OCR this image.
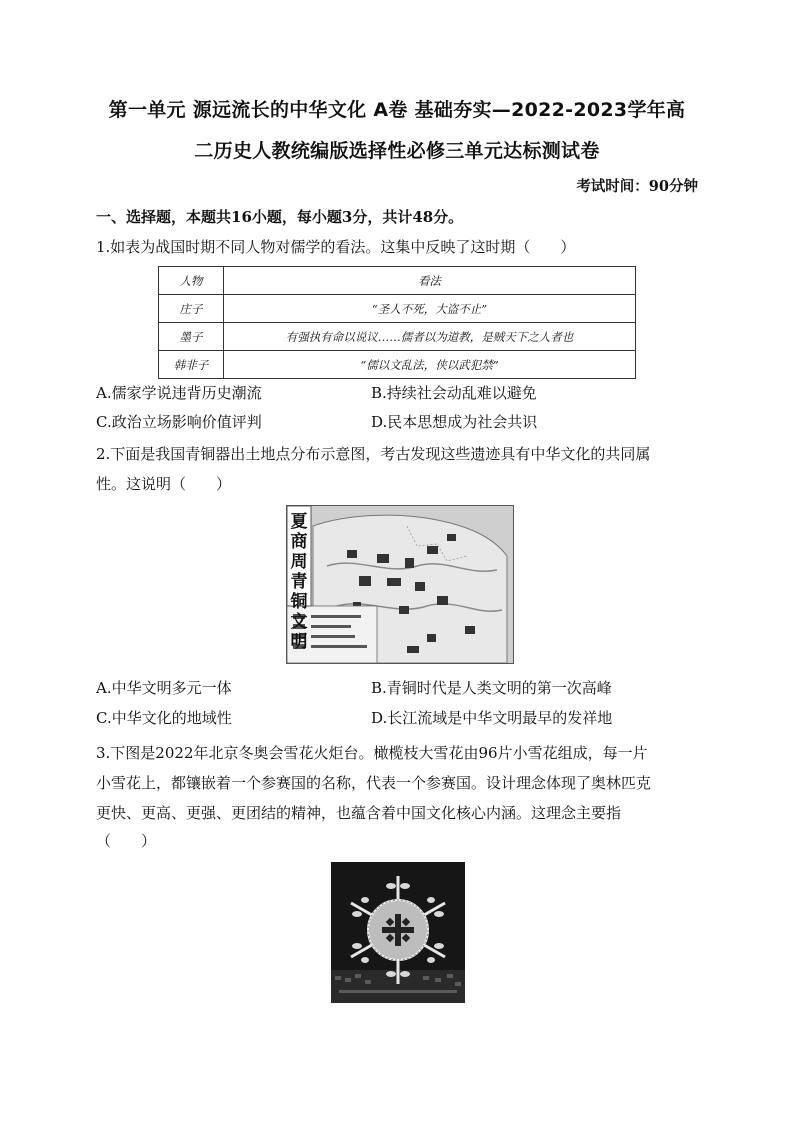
第一单元 源远流长的中华文化 A卷 基础夯实—2022-2023学年高
二历史人教统编版选择性必修三单元达标测试卷
考试时间：90分钟
一、选择题，本题共16小题，每小题3分，共计48分。
1.如表为战国时期不同人物对儒学的看法。这集中反映了这时期（　　）
人物	看法
庄子	“圣人不死，大盗不止”
墨子	有强执有命以说议……儒者以为道教，是贼天下之人者也
韩非子	“儒以文乱法，侠以武犯禁”
A.儒家学说违背历史潮流	B.持续社会动乱难以避免
C.政治立场影响价值评判	D.民本思想成为社会共识
2.下面是我国青铜器出土地点分布示意图，考古发现这些遗迹具有中华文化的共同属
性。这说明（　　）
夏商周青铜文明
A.中华文明多元一体	B.青铜时代是人类文明的第一次高峰
C.中华文化的地域性	D.长江流域是中华文明最早的发祥地
3.下图是2022年北京冬奥会雪花火炬台。橄榄枝大雪花由96片小雪花组成，每一片
小雪花上，都镶嵌着一个参赛国的名称，代表一个参赛国。设计理念体现了奥林匹克
更快、更高、更强、更团结的精神，也蕴含着中国文化核心内涵。这理念主要指
（　　）
